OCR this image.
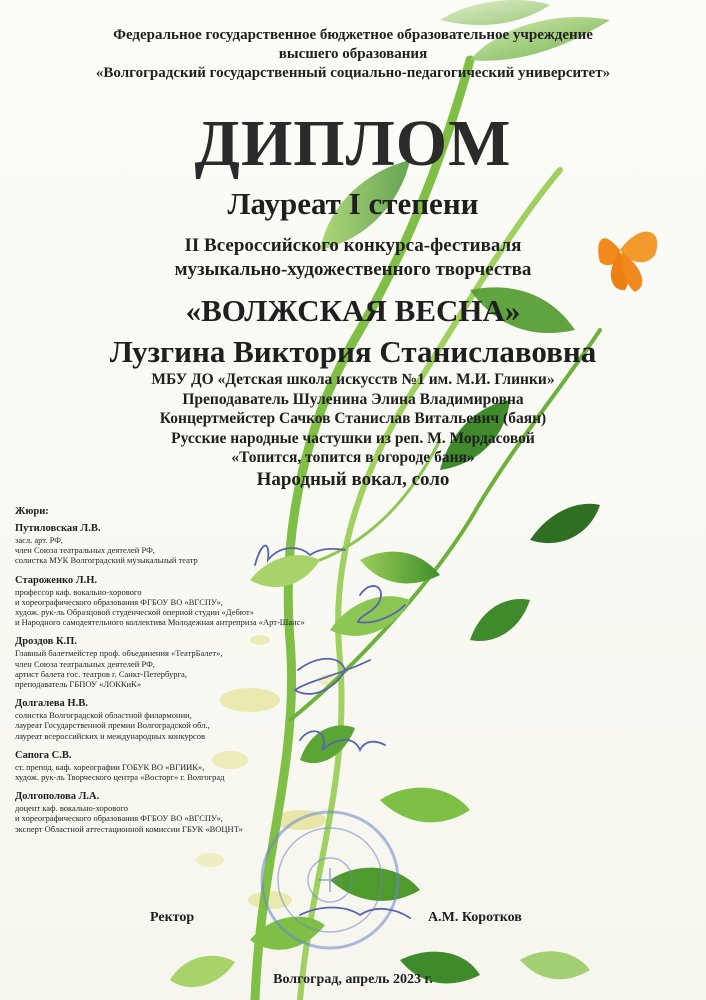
Федеральное государственное бюджетное образовательное учреждение
высшего образования
«Волгоградский государственный социально-педагогический университет»
ДИПЛОМ
Лауреат I степени
II Всероссийского конкурса-фестиваля
музыкально-художественного творчества
«ВОЛЖСКАЯ ВЕСНА»
Лузгина Виктория Станиславовна
МБУ ДО «Детская школа искусств №1 им. М.И. Глинки»
Преподаватель Шуленина Элина Владимировна
Концертмейстер Сачков Станислав Витальевич (баян)
Русские народные частушки из реп. М. Мордасовой
«Топится, топится в огороде баня»
Народный вокал, соло
Жюри:
Путиловская Л.В.
засл. арт. РФ,
член Союза театральных деятелей РФ,
солистка МУК Волгоградский музыкальный театр
Староженко Л.Н.
профессор каф. вокально-хорового
и хореографического образования ФГБОУ ВО «ВГСПУ»,
худож. рук-ль Образцовой студенческой оперной студии «Дебют»
и Народного самодеятельного коллектива Молодежная антреприза «Арт-Шанс»
Дроздов К.П.
Главный балетмейстер проф. объединения «ТеатрБалет»,
член Союза театральных деятелей РФ,
артист балета гос. театров г. Санкт-Петербурга,
преподаватель ГБПОУ «ЛОККиК»
Долгалева Н.В.
солистка Волгоградской областной филармонии,
лауреат Государственной премии Волгоградской обл.,
лауреат всероссийских и международных конкурсов
Сапога С.В.
ст. препод. каф. хореографии ГОБУК ВО «ВГИИК»,
худож. рук-ль Творческого центра «Восторг» г. Волгоград
Долгополова Л.А.
доцент каф. вокально-хорового
и хореографического образования ФГБОУ ВО «ВГСПУ»,
эксперт Областной аттестационной комиссии ГБУК «ВОЦНТ»
Ректор	А.М. Коротков
Волгоград, апрель 2023 г.
